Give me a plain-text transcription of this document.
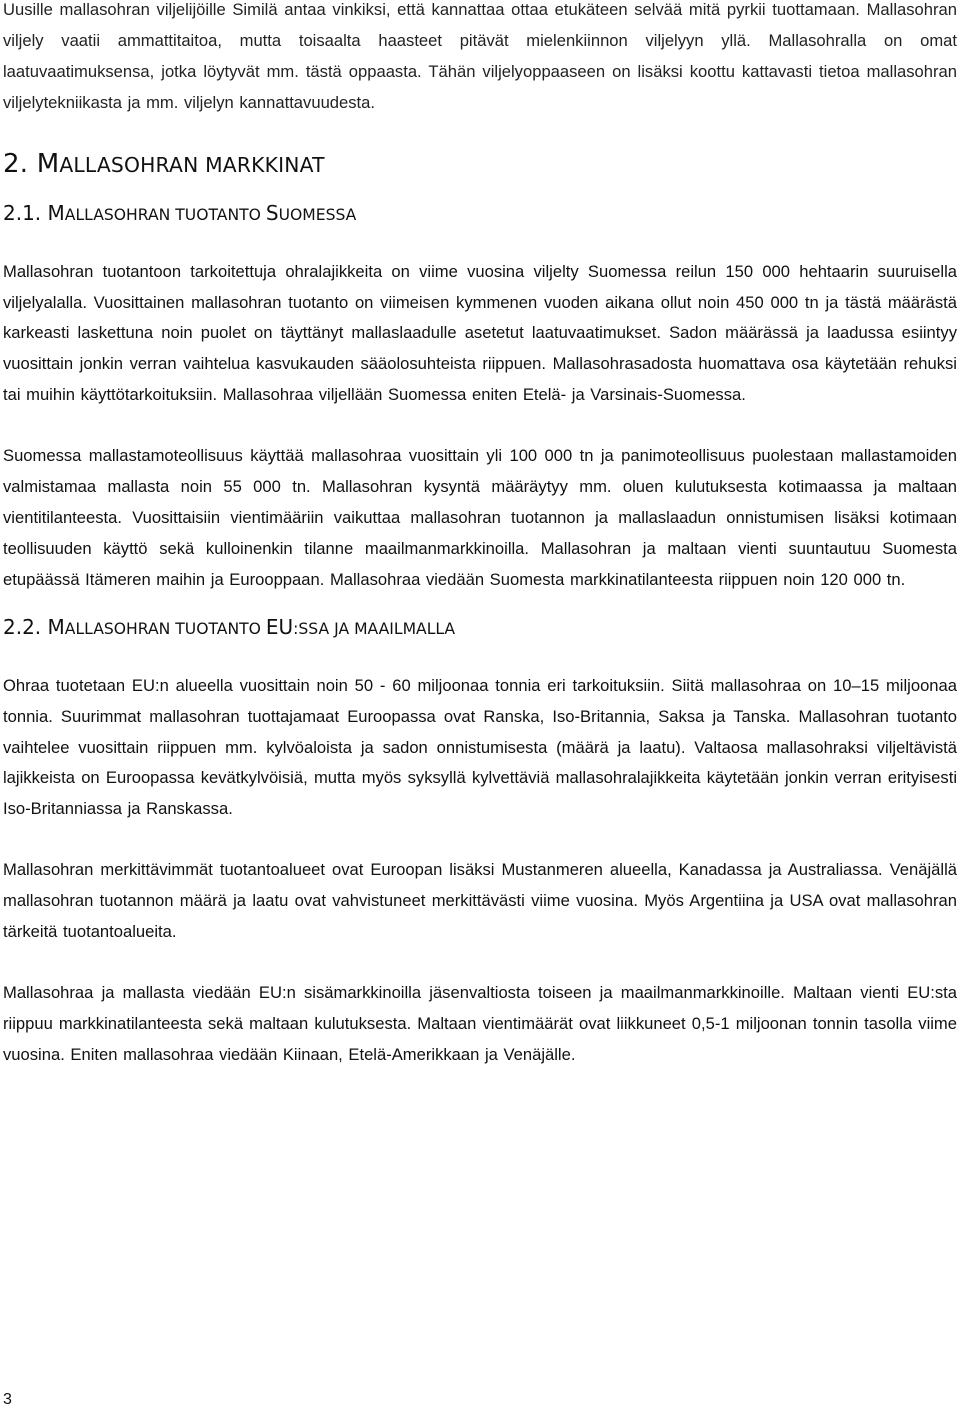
Uusille mallasohran viljelijöille Similä antaa vinkiksi, että kannattaa ottaa etukäteen selvää mitä pyrkii tuottamaan. Mallasohran viljely vaatii ammattitaitoa, mutta toisaalta haasteet pitävät mielenkiinnon viljelyyn yllä. Mallasohralla on omat laatuvaatimuksensa, jotka löytyvät mm. tästä oppaasta. Tähän viljelyoppaaseen on lisäksi koottu kattavasti tietoa mallasohran viljelytekniikasta ja mm. viljelyn kannattavuudesta.

2. MALLASOHRAN MARKKINAT
2.1. MALLASOHRAN TUOTANTO SUOMESSA

Mallasohran tuotantoon tarkoitettuja ohralajikkeita on viime vuosina viljelty Suomessa reilun 150 000 hehtaarin suuruisella viljelyalalla. Vuosittainen mallasohran tuotanto on viimeisen kymmenen vuoden aikana ollut noin 450 000 tn ja tästä määrästä karkeasti laskettuna noin puolet on täyttänyt mallaslaadulle asetetut laatuvaatimukset. Sadon määrässä ja laadussa esiintyy vuosittain jonkin verran vaihtelua kasvukauden sääolosuhteista riippuen. Mallasohrasadosta huomattava osa käytetään rehuksi tai muihin käyttötarkoituksiin. Mallasohraa viljellään Suomessa eniten Etelä- ja Varsinais-Suomessa.

Suomessa mallastamoteollisuus käyttää mallasohraa vuosittain yli 100 000 tn ja panimoteollisuus puolestaan mallastamoiden valmistamaa mallasta noin 55 000 tn. Mallasohran kysyntä määräytyy mm. oluen kulutuksesta kotimaassa ja maltaan vientitilanteesta. Vuosittaisiin vientimääriin vaikuttaa mallasohran tuotannon ja mallaslaadun onnistumisen lisäksi kotimaan teollisuuden käyttö sekä kulloinenkin tilanne maailmanmarkkinoilla. Mallasohran ja maltaan vienti suuntautuu Suomesta etupäässä Itämeren maihin ja Eurooppaan. Mallasohraa viedään Suomesta markkinatilanteesta riippuen noin 120 000 tn.

2.2. MALLASOHRAN TUOTANTO EU:SSA JA MAAILMALLA

Ohraa tuotetaan EU:n alueella vuosittain noin 50 - 60 miljoonaa tonnia eri tarkoituksiin. Siitä mallasohraa on 10–15 miljoonaa tonnia. Suurimmat mallasohran tuottajamaat Euroopassa ovat Ranska, Iso-Britannia, Saksa ja Tanska. Mallasohran tuotanto vaihtelee vuosittain riippuen mm. kylvöaloista ja sadon onnistumisesta (määrä ja laatu). Valtaosa mallasohraksi viljeltävistä lajikkeista on Euroopassa kevätkylvöisiä, mutta myös syksyllä kylvettäviä mallasohralajikkeita käytetään jonkin verran erityisesti Iso-Britanniassa ja Ranskassa.

Mallasohran merkittävimmät tuotantoalueet ovat Euroopan lisäksi Mustanmeren alueella, Kanadassa ja Australiassa. Venäjällä mallasohran tuotannon määrä ja laatu ovat vahvistuneet merkittävästi viime vuosina. Myös Argentiina ja USA ovat mallasohran tärkeitä tuotantoalueita.

Mallasohraa ja mallasta viedään EU:n sisämarkkinoilla jäsenvaltiosta toiseen ja maailmanmarkkinoille. Maltaan vienti EU:sta riippuu markkinatilanteesta sekä maltaan kulutuksesta. Maltaan vientimäärät ovat liikkuneet 0,5-1 miljoonan tonnin tasolla viime vuosina. Eniten mallasohraa viedään Kiinaan, Etelä-Amerikkaan ja Venäjälle.

3
